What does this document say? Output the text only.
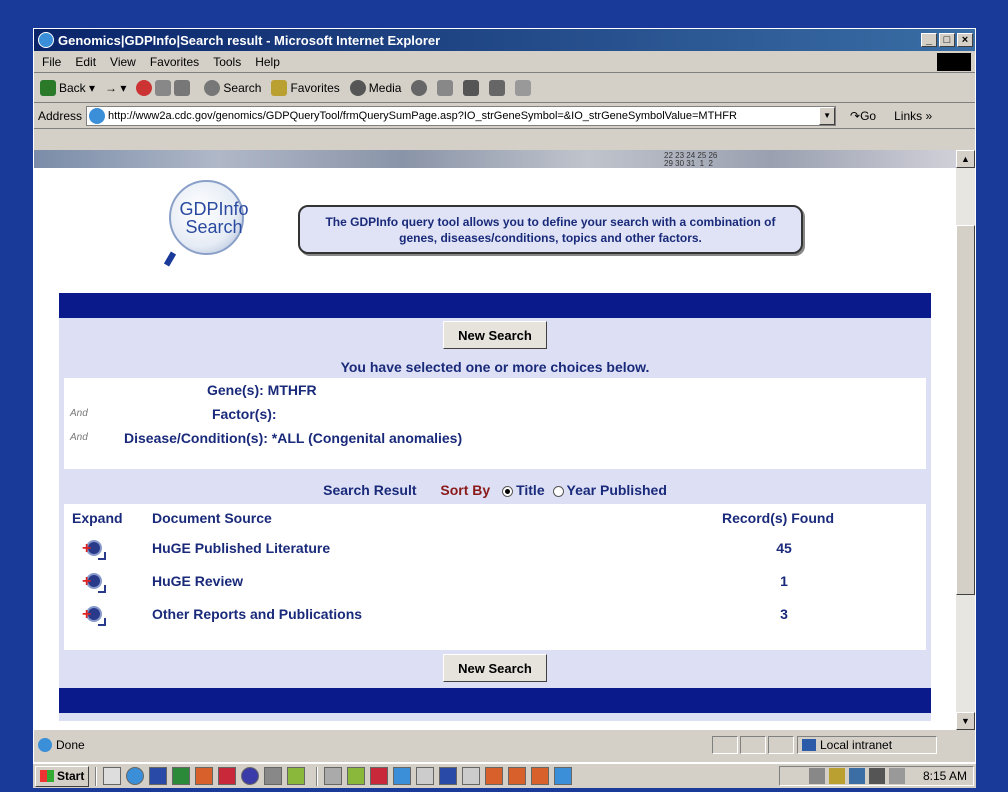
Genomics|GDPInfo|Search result - Microsoft Internet Explorer	_	□	×
File Edit View Favorites Tools Help
Back ▾ → ▾	Search Favorites Media
Address http://www2a.cdc.gov/genomics/GDPQueryTool/frmQuerySumPage.asp?IO_strGeneSymbol=&IO_strGeneSymbolValue=MTHFR	▼	↷Go Links »
22 23 24 25 26
29 30 31  1  2
GDPInfo
Search	The GDPInfo query tool allows you to define your search with a combination of genes, diseases/conditions, topics and other factors.
New Search
You have selected one or more choices below.
Gene(s): MTHFR
And	Factor(s):
And	Disease/Condition(s): *ALL (Congenital anomalies)
Search Result Sort By Title Year Published
Expand Document Source	Record(s) Found
+	HuGE Published Literature	45
+	HuGE Review	1
+	Other Reports and Publications	3
New Search
▲
▼
Done	Local intranet
Start	8:15 AM
